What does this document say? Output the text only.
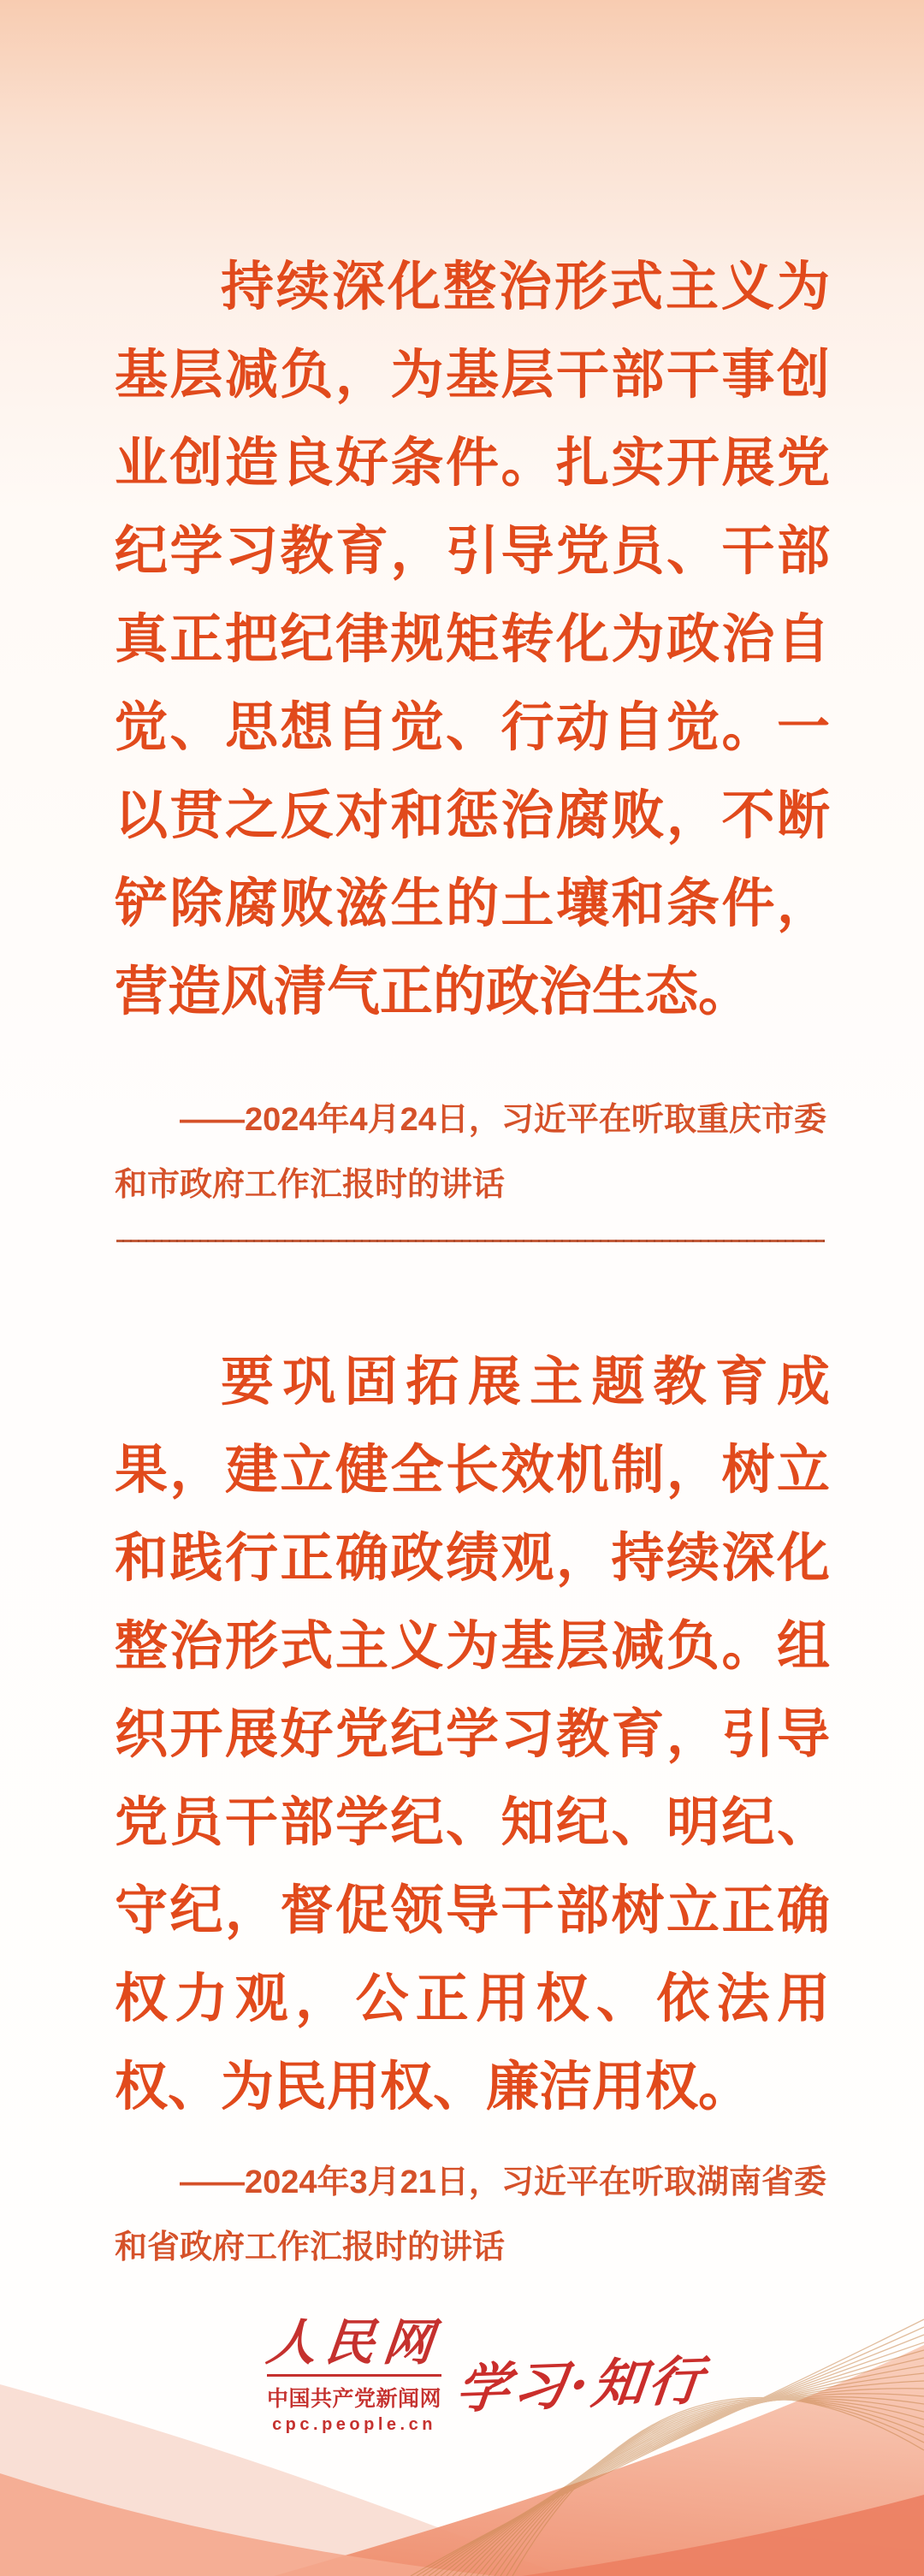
持续深化整治形式主义为基层减负，为基层干部干事创业创造良好条件。扎实开展党纪学习教育，引导党员、干部真正把纪律规矩转化为政治自觉、思想自觉、行动自觉。一以贯之反对和惩治腐败，不断铲除腐败滋生的土壤和条件，营造风清气正的政治生态。

——2024年4月24日，习近平在听取重庆市委和市政府工作汇报时的讲话

要巩固拓展主题教育成果，建立健全长效机制，树立和践行正确政绩观，持续深化整治形式主义为基层减负。组织开展好党纪学习教育，引导党员干部学纪、知纪、明纪、守纪，督促领导干部树立正确权力观，公正用权、依法用权、为民用权、廉洁用权。

——2024年3月21日，习近平在听取湖南省委和省政府工作汇报时的讲话

人民网
中国共产党新闻网
cpc.people.cn
学习·知行
